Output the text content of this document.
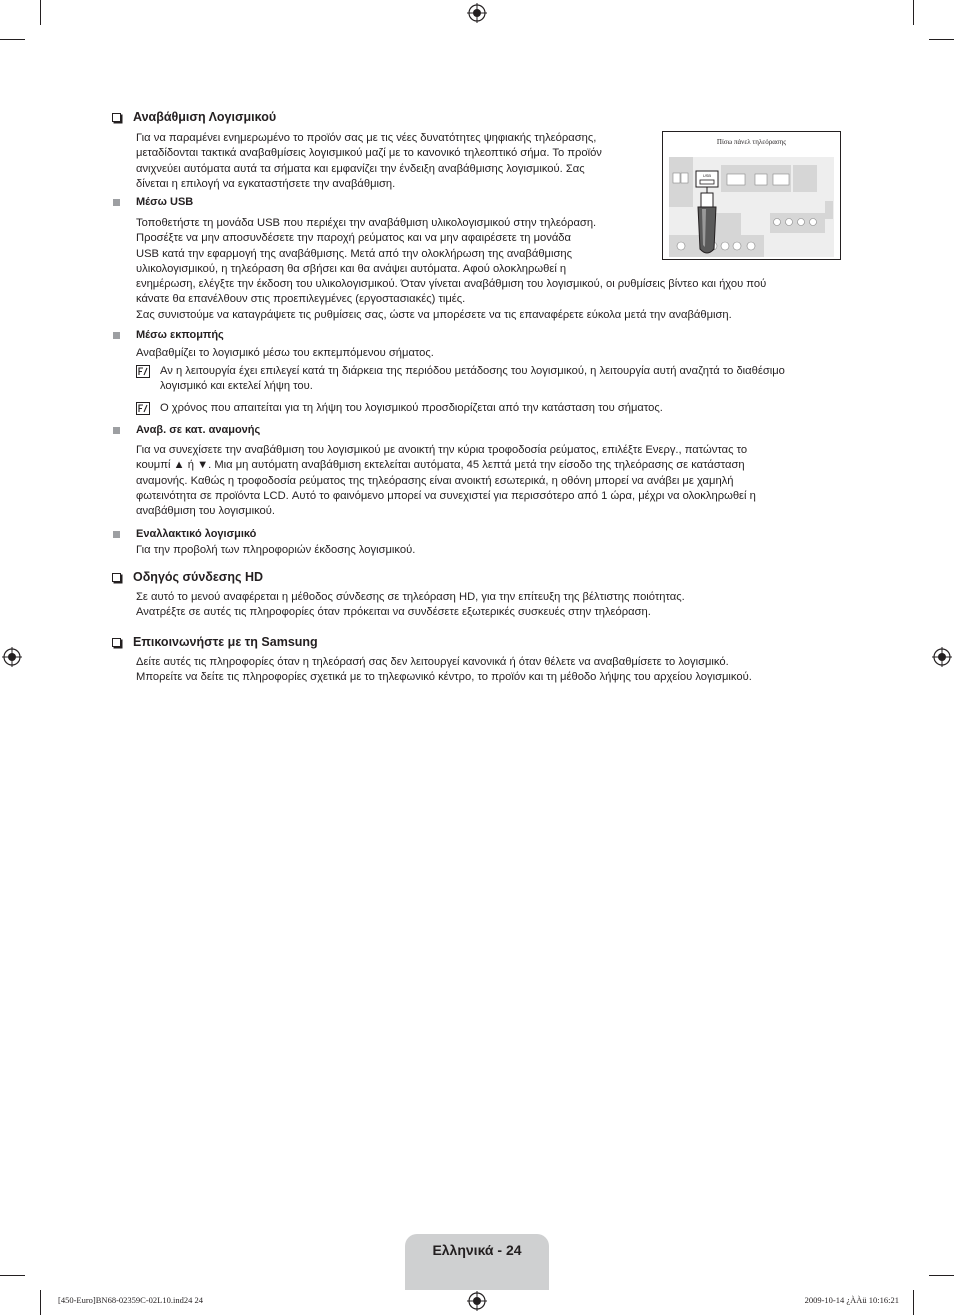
Αναβάθμιση Λογισμικού

Για να παραμένει ενημερωμένο το προϊόν σας με τις νέες δυνατότητες ψηφιακής τηλεόρασης,
μεταδίδονται τακτικά αναβαθμίσεις λογισμικού μαζί με το κανονικό τηλεοπτικό σήμα. Το προϊόν
ανιχνεύει αυτόματα αυτά τα σήματα και εμφανίζει την ένδειξη αναβάθμισης λογισμικού. Σας
δίνεται η επιλογή να εγκαταστήσετε την αναβάθμιση.

Πίσω πάνελ τηλεόρασης
USB
Μέσω USB

Τοποθετήστε τη μονάδα USB που περιέχει την αναβάθμιση υλικολογισμικού στην τηλεόραση.
Προσέξτε να μην αποσυνδέσετε την παροχή ρεύματος και να μην αφαιρέσετε τη μονάδα
USB κατά την εφαρμογή της αναβάθμισης. Μετά από την ολοκλήρωση της αναβάθμισης
υλικολογισμικού, η τηλεόραση θα σβήσει και θα ανάψει αυτόματα. Αφού ολοκληρωθεί η
ενημέρωση, ελέγξτε την έκδοση του υλικολογισμικού. Όταν γίνεται αναβάθμιση του λογισμικού, οι ρυθμίσεις βίντεο και ήχου πού
κάνατε θα επανέλθουν στις προεπιλεγμένες (εργοστασιακές) τιμές.
Σας συνιστούμε να καταγράψετε τις ρυθμίσεις σας, ώστε να μπορέσετε να τις επαναφέρετε εύκολα μετά την αναβάθμιση.

Μέσω εκπομπής

Αναβαθμίζει το λογισμικό μέσω του εκπεμπόμενου σήματος.

Αν η λειτουργία έχει επιλεγεί κατά τη διάρκεια της περιόδου μετάδοσης του λογισμικού, η λειτουργία αυτή αναζητά το διαθέσιμο
λογισμικό και εκτελεί λήψη του.
Ο χρόνος που απαιτείται για τη λήψη του λογισμικού προσδιορίζεται από την κατάσταση του σήματος.
Αναβ. σε κατ. αναμονής

Για να συνεχίσετε την αναβάθμιση του λογισμικού με ανοικτή την κύρια τροφοδοσία ρεύματος, επιλέξτε Ενεργ., πατώντας το
κουμπί ▲ ή ▼. Μια μη αυτόματη αναβάθμιση εκτελείται αυτόματα, 45 λεπτά μετά την είσοδο της τηλεόρασης σε κατάσταση
αναμονής. Καθώς η τροφοδοσία ρεύματος της τηλεόρασης είναι ανοικτή εσωτερικά, η οθόνη μπορεί να ανάβει με χαμηλή
φωτεινότητα σε προϊόντα LCD. Αυτό το φαινόμενο μπορεί να συνεχιστεί για περισσότερο από 1 ώρα, μέχρι να ολοκληρωθεί η
αναβάθμιση του λογισμικού.

Εναλλακτικό λογισμικό

Για την προβολή των πληροφοριών έκδοσης λογισμικού.

Οδηγός σύνδεσης HD

Σε αυτό το μενού αναφέρεται η μέθοδος σύνδεσης σε τηλεόραση HD, για την επίτευξη της βέλτιστης ποιότητας.
Ανατρέξτε σε αυτές τις πληροφορίες όταν πρόκειται να συνδέσετε εξωτερικές συσκευές στην τηλεόραση.

Επικοινωνήστε με τη Samsung

Δείτε αυτές τις πληροφορίες όταν η τηλεόρασή σας δεν λειτουργεί κανονικά ή όταν θέλετε να αναβαθμίσετε το λογισμικό.
Μπορείτε να δείτε τις πληροφορίες σχετικά με το τηλεφωνικό κέντρο, το προϊόν και τη μέθοδο λήψης του αρχείου λογισμικού.

Ελληνικά - 24
[450-Euro]BN68-02359C-02L10.ind24 24	2009-10-14 ¿ÀÀü 10:16:21
